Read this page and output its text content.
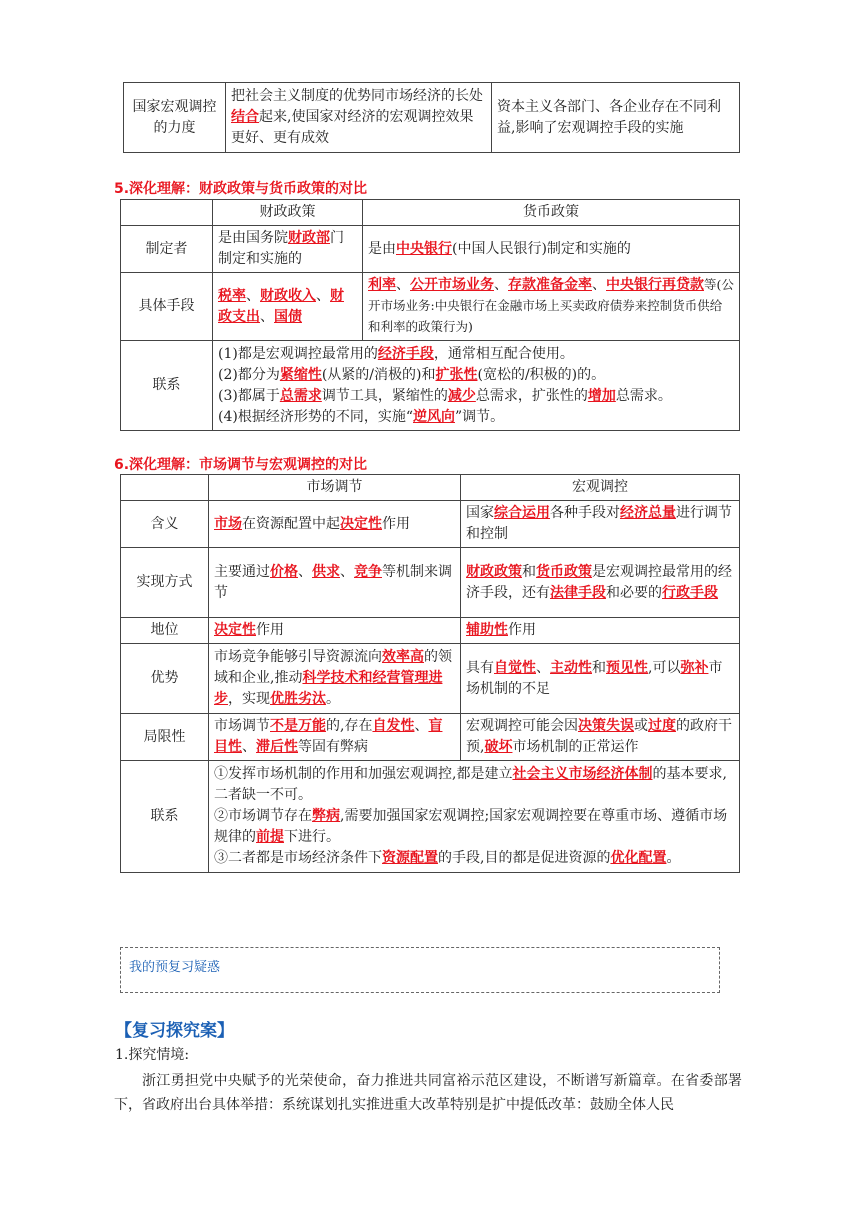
国家宏观调控的力度	把社会主义制度的优势同市场经济的长处结合起来,使国家对经济的宏观调控效果更好、更有成效	资本主义各部门、各企业存在不同利益,影响了宏观调控手段的实施

5.深化理解：财政政策与货币政策的对比

	财政政策	货币政策
制定者	是由国务院财政部门制定和实施的	是由中央银行(中国人民银行)制定和实施的
具体手段	税率、财政收入、财政支出、国债	利率、公开市场业务、存款准备金率、中央银行再贷款等(公开市场业务:中央银行在金融市场上买卖政府债券来控制货币供给和利率的政策行为)
联系	(1)都是宏观调控最常用的经济手段，通常相互配合使用。
(2)都分为紧缩性(从紧的/消极的)和扩张性(宽松的/积极的)的。
(3)都属于总需求调节工具，紧缩性的减少总需求，扩张性的增加总需求。
(4)根据经济形势的不同，实施“逆风向”调节。	

6.深化理解：市场调节与宏观调控的对比

	市场调节	宏观调控
含义	市场在资源配置中起决定性作用	国家综合运用各种手段对经济总量进行调节和控制
实现方式	主要通过价格、供求、竞争等机制来调节	财政政策和货币政策是宏观调控最常用的经济手段，还有法律手段和必要的行政手段
地位	决定性作用	辅助性作用
优势	市场竞争能够引导资源流向效率高的领域和企业,推动科学技术和经营管理进步，实现优胜劣汰。	具有自觉性、主动性和预见性,可以弥补市场机制的不足
局限性	市场调节不是万能的,存在自发性、盲目性、滞后性等固有弊病	宏观调控可能会因决策失误或过度的政府干预,破坏市场机制的正常运作
联系	①发挥市场机制的作用和加强宏观调控,都是建立社会主义市场经济体制的基本要求,二者缺一不可。
②市场调节存在弊病,需要加强国家宏观调控;国家宏观调控要在尊重市场、遵循市场规律的前提下进行。
③二者都是市场经济条件下资源配置的手段,目的都是促进资源的优化配置。	
我的预复习疑惑

【复习探究案】

1.探究情境:

浙江勇担党中央赋予的光荣使命，奋力推进共同富裕示范区建设，不断谱写新篇章。在省委部署下，省政府出台具体举措：系统谋划扎实推进重大改革特别是扩中提低改革：鼓励全体人民
